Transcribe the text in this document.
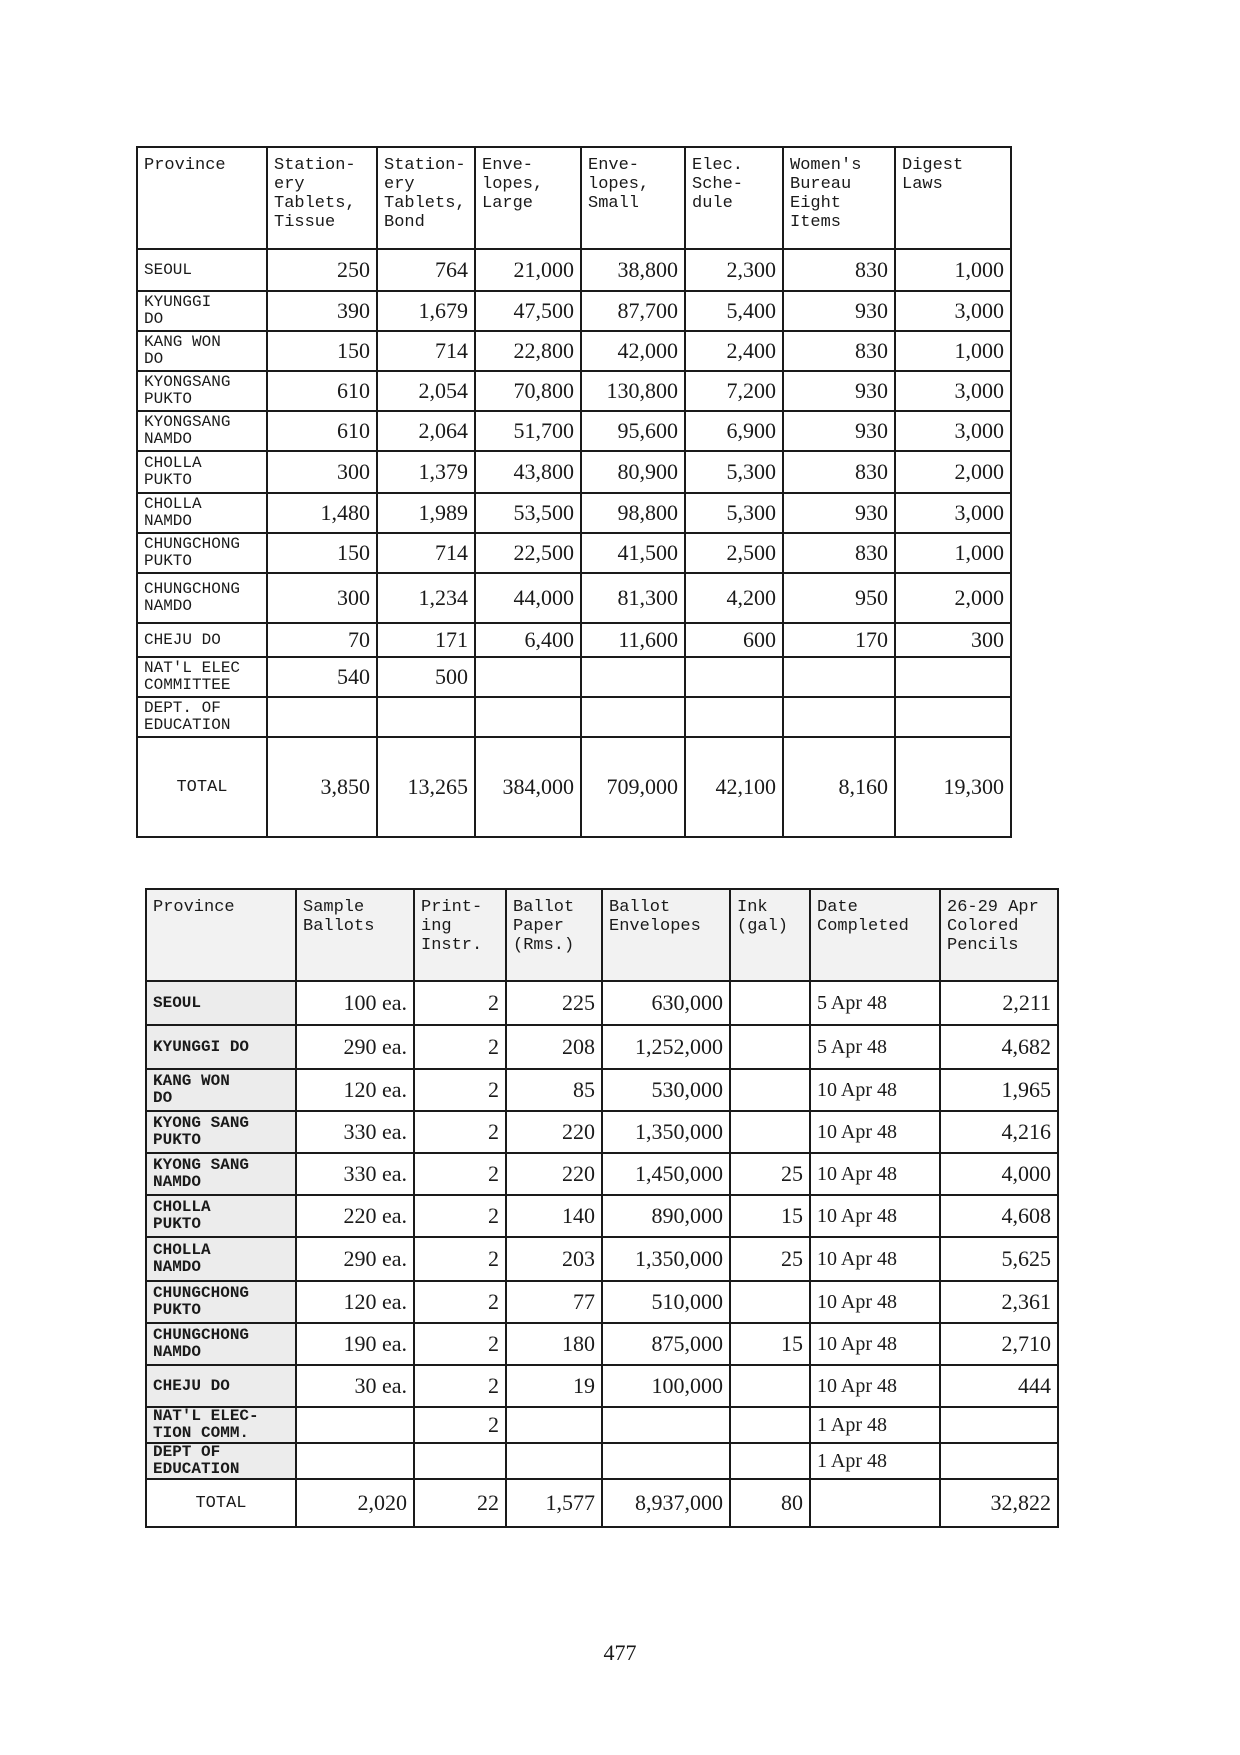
Province	Station-
ery
Tablets,
Tissue	Station-
ery
Tablets,
Bond	Enve-
lopes,
Large	Enve-
lopes,
Small	Elec.
Sche-
dule	Women's
Bureau
Eight
Items	Digest
Laws
SEOUL	250	764	21,000	38,800	2,300	830	1,000
KYUNGGI
DO	390	1,679	47,500	87,700	5,400	930	3,000
KANG WON
DO	150	714	22,800	42,000	2,400	830	1,000
KYONGSANG
PUKTO	610	2,054	70,800	130,800	7,200	930	3,000
KYONGSANG
NAMDO	610	2,064	51,700	95,600	6,900	930	3,000
CHOLLA
PUKTO	300	1,379	43,800	80,900	5,300	830	2,000
CHOLLA
NAMDO	1,480	1,989	53,500	98,800	5,300	930	3,000
CHUNGCHONG
PUKTO	150	714	22,500	41,500	2,500	830	1,000
CHUNGCHONG
NAMDO	300	1,234	44,000	81,300	4,200	950	2,000
CHEJU DO	70	171	6,400	11,600	600	170	300
NAT'L ELEC
COMMITTEE	540	500					
DEPT. OF
EDUCATION							
TOTAL	3,850	13,265	384,000	709,000	42,100	8,160	19,300
Province	Sample
Ballots	Print-
ing
Instr.	Ballot
Paper
(Rms.)	Ballot
Envelopes	Ink
(gal)	Date
Completed	26-29 Apr
Colored
Pencils
SEOUL	100 ea.	2	225	630,000		5 Apr 48	2,211
KYUNGGI DO	290 ea.	2	208	1,252,000		5 Apr 48	4,682
KANG WON
DO	120 ea.	2	85	530,000		10 Apr 48	1,965
KYONG SANG
PUKTO	330 ea.	2	220	1,350,000		10 Apr 48	4,216
KYONG SANG
NAMDO	330 ea.	2	220	1,450,000	25	10 Apr 48	4,000
CHOLLA
PUKTO	220 ea.	2	140	890,000	15	10 Apr 48	4,608
CHOLLA
NAMDO	290 ea.	2	203	1,350,000	25	10 Apr 48	5,625
CHUNGCHONG
PUKTO	120 ea.	2	77	510,000		10 Apr 48	2,361
CHUNGCHONG
NAMDO	190 ea.	2	180	875,000	15	10 Apr 48	2,710
CHEJU DO	30 ea.	2	19	100,000		10 Apr 48	444
NAT'L ELEC-
TION COMM.		2				1 Apr 48	
DEPT OF
EDUCATION						1 Apr 48	
TOTAL	2,020	22	1,577	8,937,000	80		32,822
477
